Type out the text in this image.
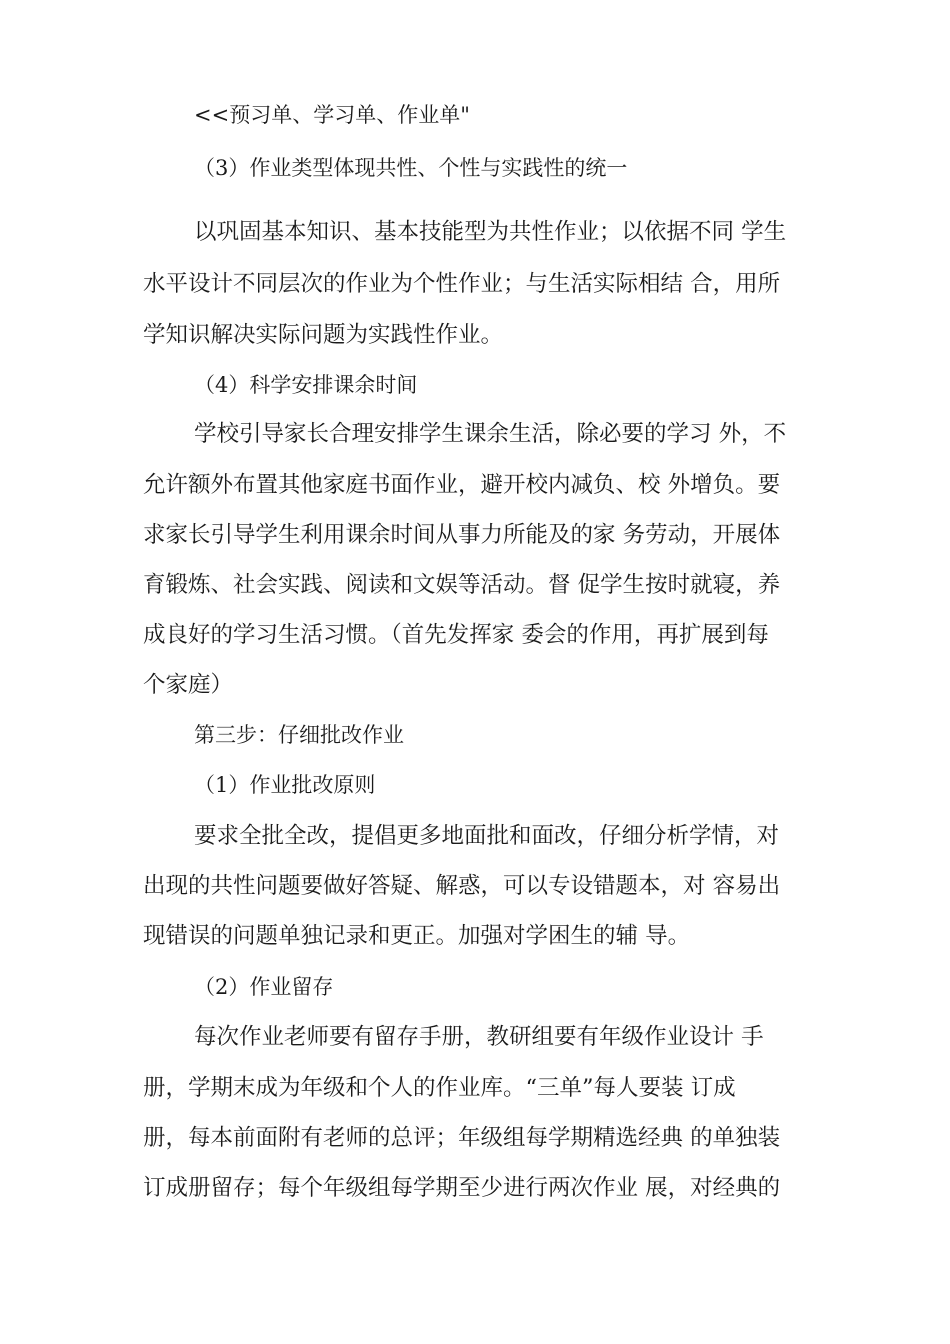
<<预习单、学习单、作业单"
（3）作业类型体现共性、个性与实践性的统一
以巩固基本知识、基本技能型为共性作业；以依据不同 学生
水平设计不同层次的作业为个性作业；与生活实际相结 合，用所
学知识解决实际问题为实践性作业。
（4）科学安排课余时间
学校引导家长合理安排学生课余生活，除必要的学习 外，不
允许额外布置其他家庭书面作业，避开校内减负、校 外增负。要
求家长引导学生利用课余时间从事力所能及的家 务劳动，开展体
育锻炼、社会实践、阅读和文娱等活动。督 促学生按时就寝，养
成良好的学习生活习惯。（首先发挥家 委会的作用，再扩展到每
个家庭）
第三步：仔细批改作业
（1）作业批改原则
要求全批全改，提倡更多地面批和面改，仔细分析学情，对
出现的共性问题要做好答疑、解惑，可以专设错题本，对 容易出
现错误的问题单独记录和更正。加强对学困生的辅 导。
（2）作业留存
每次作业老师要有留存手册，教研组要有年级作业设计 手
册，学期末成为年级和个人的作业库。“三单”每人要装 订成
册，每本前面附有老师的总评；年级组每学期精选经典 的单独装
订成册留存；每个年级组每学期至少进行两次作业 展，对经典的
